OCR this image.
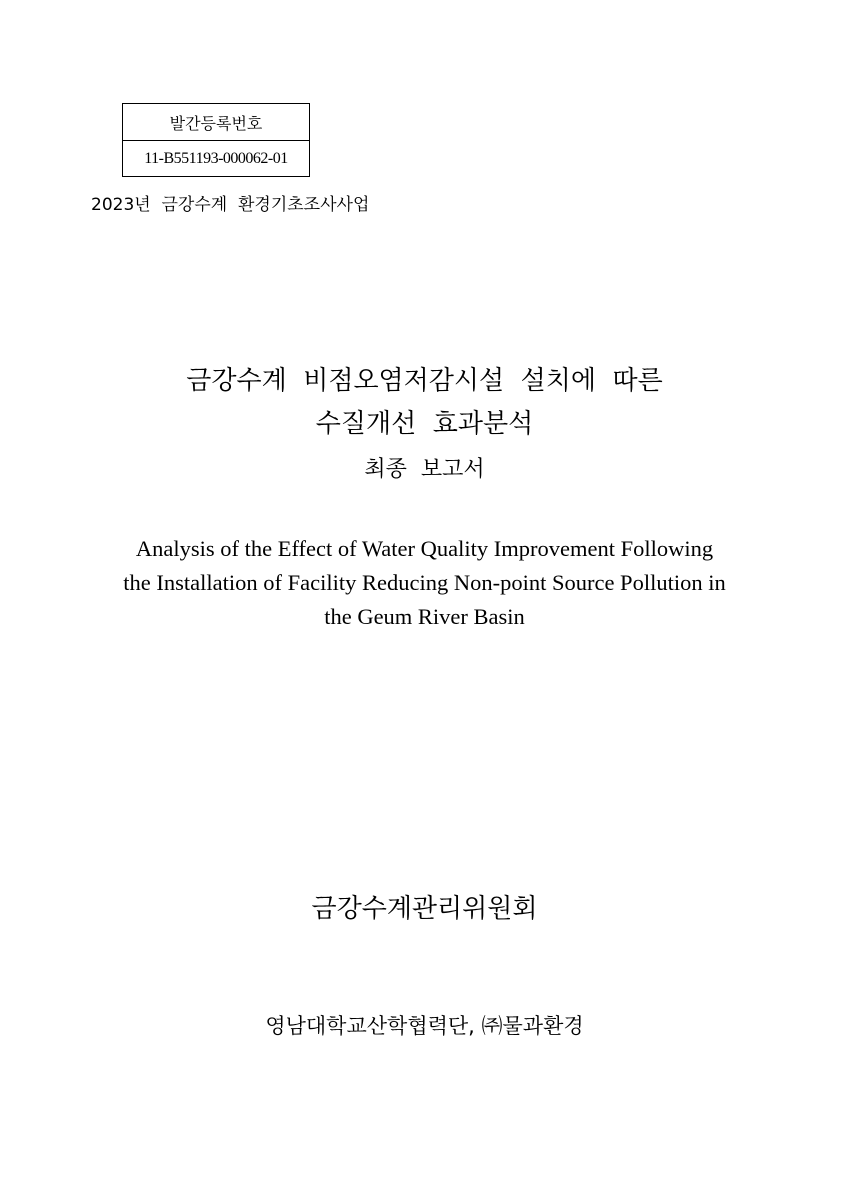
발간등록번호
11-B551193-000062-01
2023년  금강수계  환경기초조사사업
금강수계  비점오염저감시설  설치에  따른
수질개선  효과분석
최종  보고서
Analysis of the Effect of Water Quality Improvement Following
the Installation of Facility Reducing Non-point Source Pollution in
the Geum River Basin
금강수계관리위원회
영남대학교산학협력단, ㈜물과환경
